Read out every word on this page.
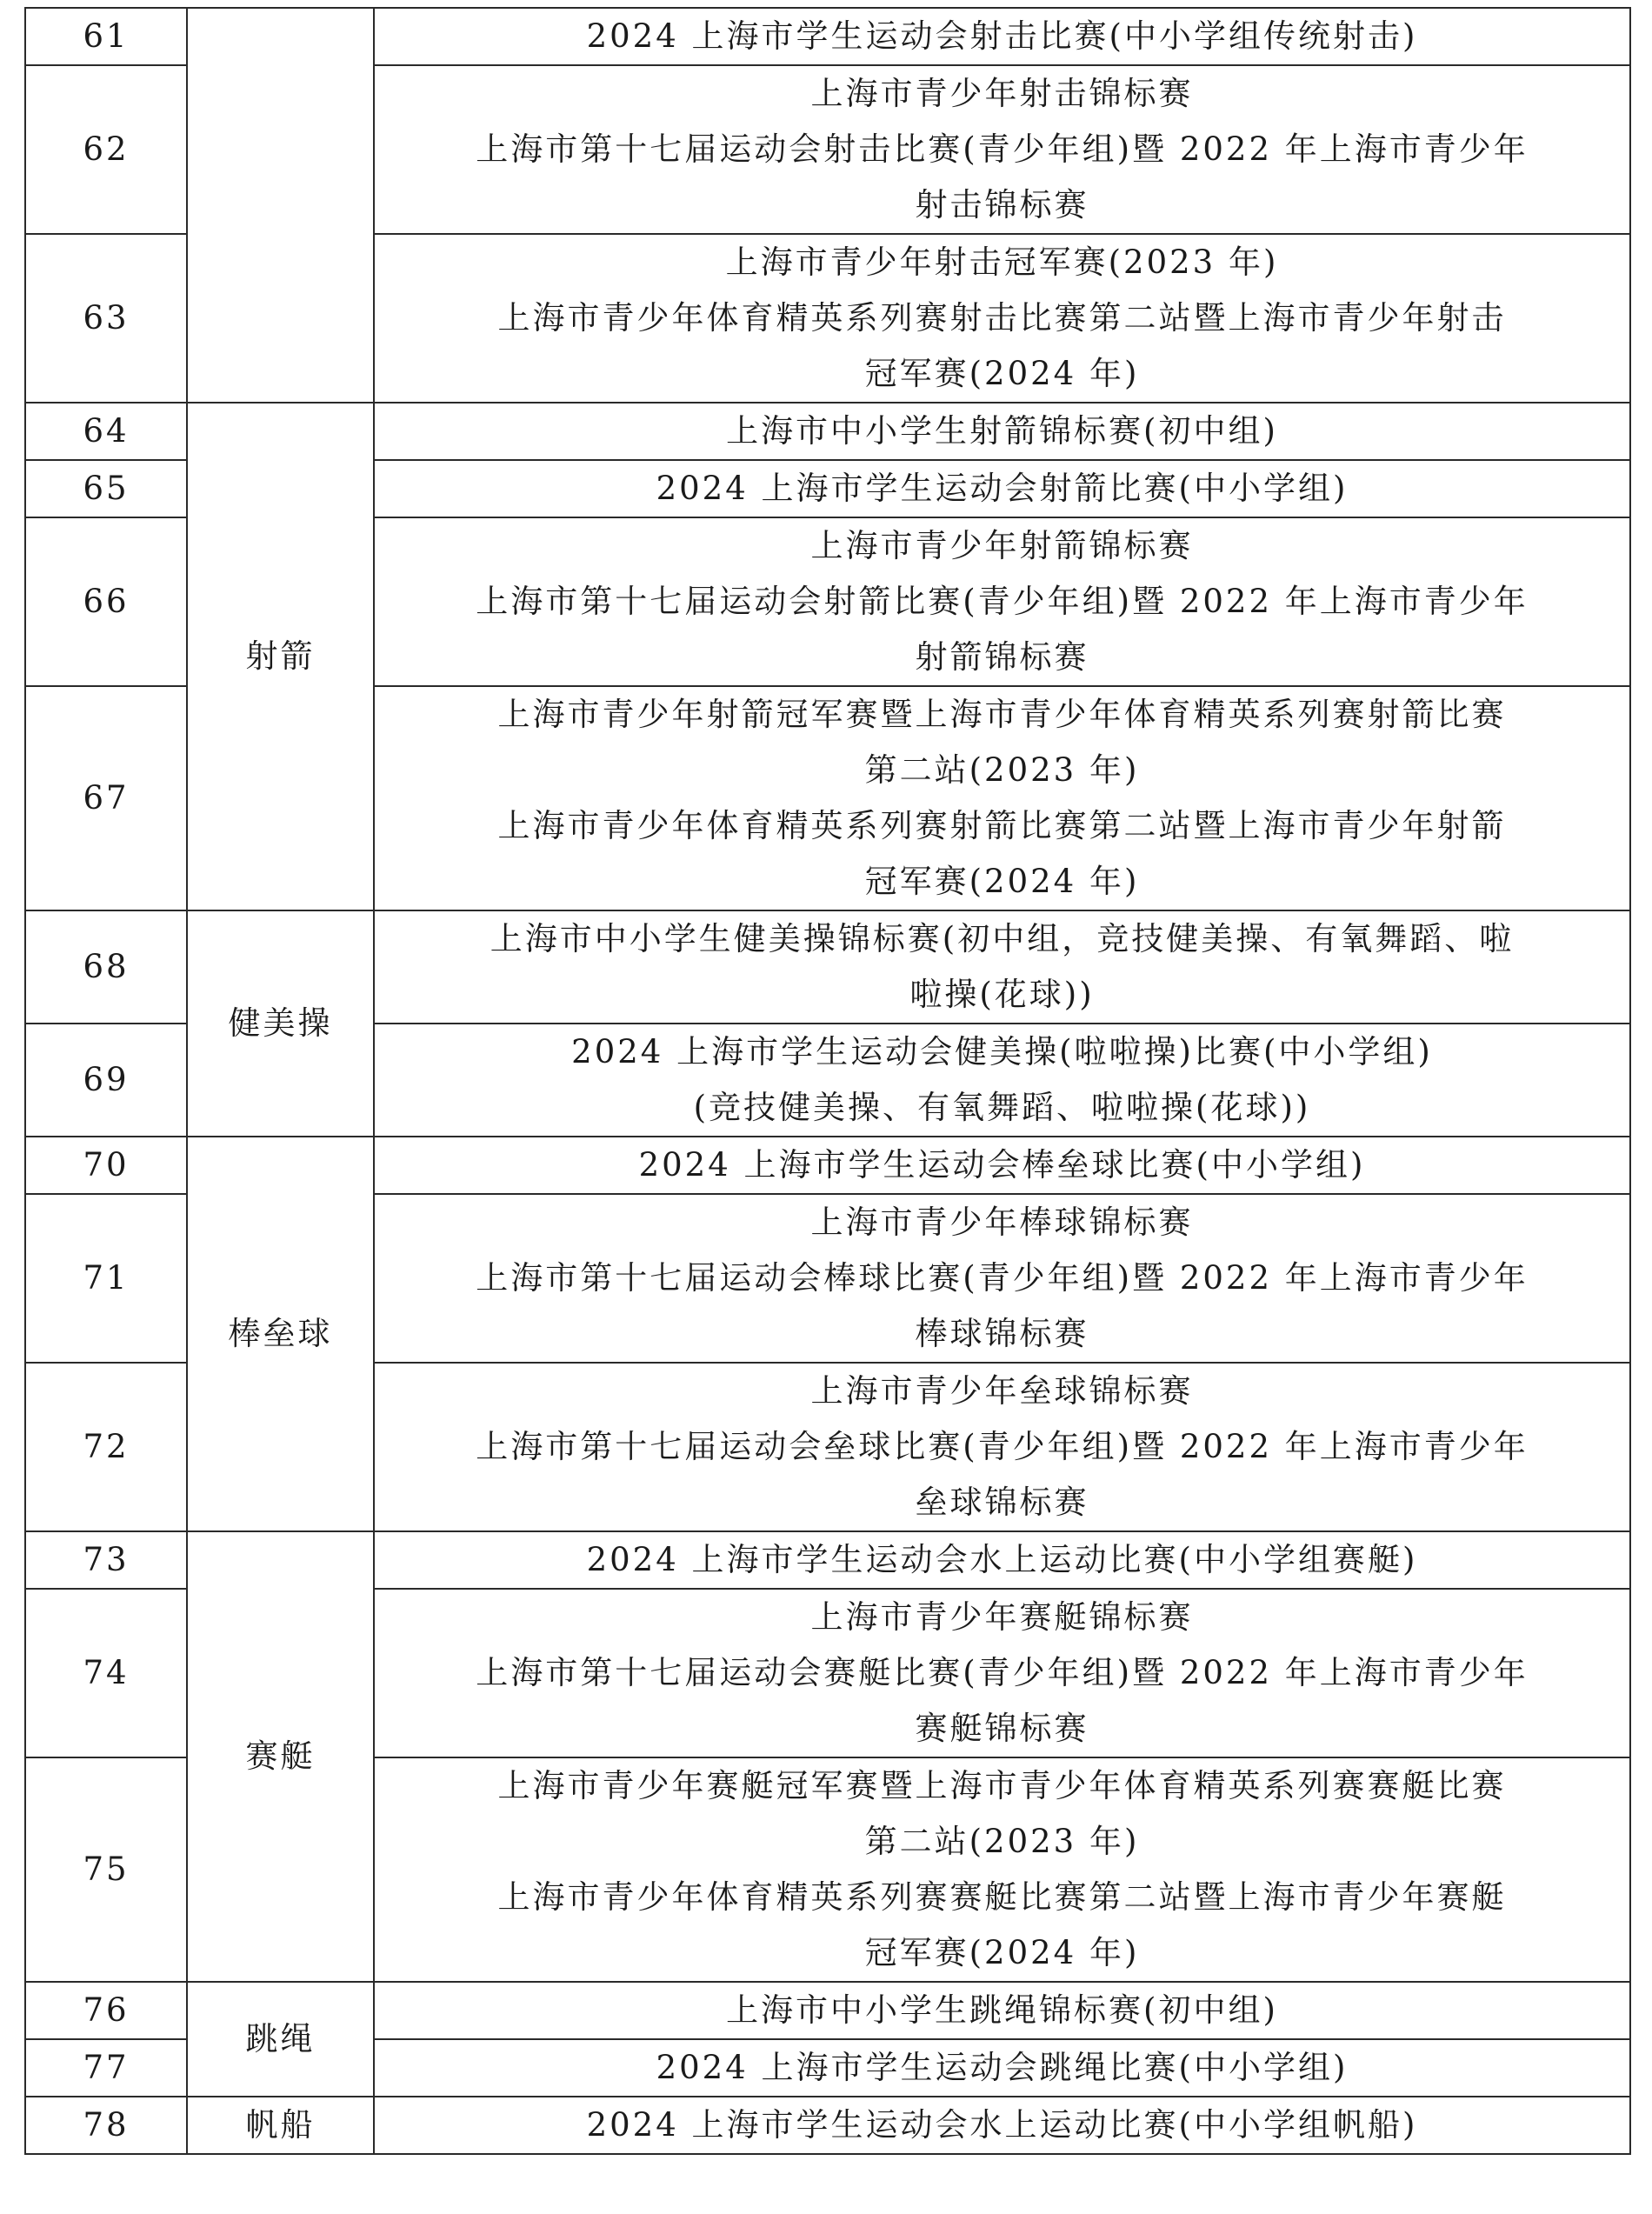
61		2024 上海市学生运动会射击比赛(中小学组传统射击)

62		上海市青少年射击锦标赛
上海市第十七届运动会射击比赛(青少年组)暨 2022 年上海市青少年
射击锦标赛

63		上海市青少年射击冠军赛(2023 年)
上海市青少年体育精英系列赛射击比赛第二站暨上海市青少年射击
冠军赛(2024 年)

64	射箭	上海市中小学生射箭锦标赛(初中组)

65		2024 上海市学生运动会射箭比赛(中小学组)

66		上海市青少年射箭锦标赛
上海市第十七届运动会射箭比赛(青少年组)暨 2022 年上海市青少年
射箭锦标赛

67		上海市青少年射箭冠军赛暨上海市青少年体育精英系列赛射箭比赛
第二站(2023 年)
上海市青少年体育精英系列赛射箭比赛第二站暨上海市青少年射箭
冠军赛(2024 年)

68	健美操	上海市中小学生健美操锦标赛(初中组，竞技健美操、有氧舞蹈、啦
啦操(花球))

69		2024 上海市学生运动会健美操(啦啦操)比赛(中小学组)
(竞技健美操、有氧舞蹈、啦啦操(花球))

70	棒垒球	2024 上海市学生运动会棒垒球比赛(中小学组)

71		上海市青少年棒球锦标赛
上海市第十七届运动会棒球比赛(青少年组)暨 2022 年上海市青少年
棒球锦标赛

72		上海市青少年垒球锦标赛
上海市第十七届运动会垒球比赛(青少年组)暨 2022 年上海市青少年
垒球锦标赛

73	赛艇	2024 上海市学生运动会水上运动比赛(中小学组赛艇)

74		上海市青少年赛艇锦标赛
上海市第十七届运动会赛艇比赛(青少年组)暨 2022 年上海市青少年
赛艇锦标赛

75		上海市青少年赛艇冠军赛暨上海市青少年体育精英系列赛赛艇比赛
第二站(2023 年)
上海市青少年体育精英系列赛赛艇比赛第二站暨上海市青少年赛艇
冠军赛(2024 年)

76	跳绳	上海市中小学生跳绳锦标赛(初中组)

77		2024 上海市学生运动会跳绳比赛(中小学组)

78	帆船	2024 上海市学生运动会水上运动比赛(中小学组帆船)
